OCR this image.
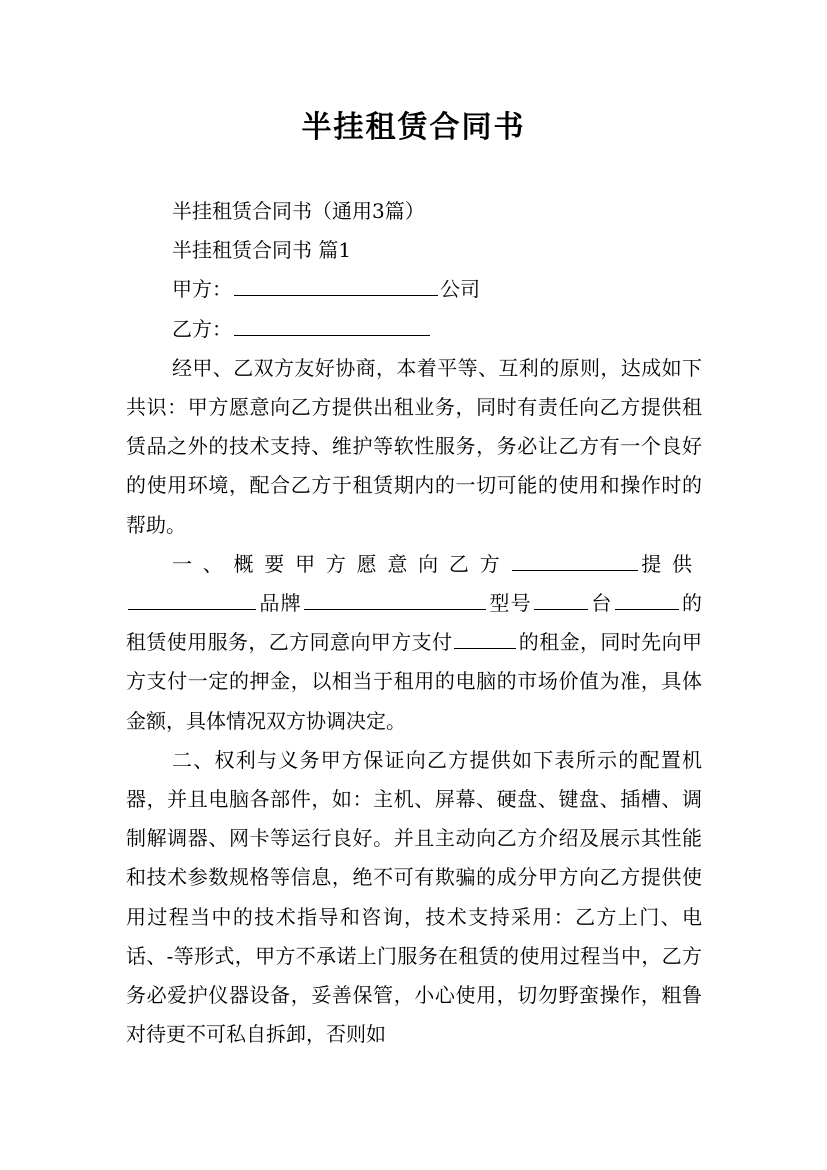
半挂租赁合同书
半挂租赁合同书（通用3篇）
半挂租赁合同书 篇1
甲方：	公司
乙方：

经甲、乙双方友好协商，本着平等、互利的原则，达成如下共识：甲方愿意向乙方提供出租业务，同时有责任向乙方提供租赁品之外的技术支持、维护等软性服务，务必让乙方有一个良好的使用环境，配合乙方于租赁期内的一切可能的使用和操作时的帮助。

一、概要甲方愿意向乙方	提供品牌	型号	台	的租赁使用服务，乙方同意向甲方支付	的租金，同时先向甲方支付一定的押金，以相当于租用的电脑的市场价值为准，具体金额，具体情况双方协调决定。

二、权利与义务甲方保证向乙方提供如下表所示的配置机器，并且电脑各部件，如：主机、屏幕、硬盘、键盘、插槽、调制解调器、网卡等运行良好。并且主动向乙方介绍及展示其性能和技术参数规格等信息，绝不可有欺骗的成分甲方向乙方提供使用过程当中的技术指导和咨询，技术支持采用：乙方上门、电话、-等形式，甲方不承诺上门服务在租赁的使用过程当中，乙方务必爱护仪器设备，妥善保管，小心使用，切勿野蛮操作，粗鲁对待更不可私自拆卸，否则如
